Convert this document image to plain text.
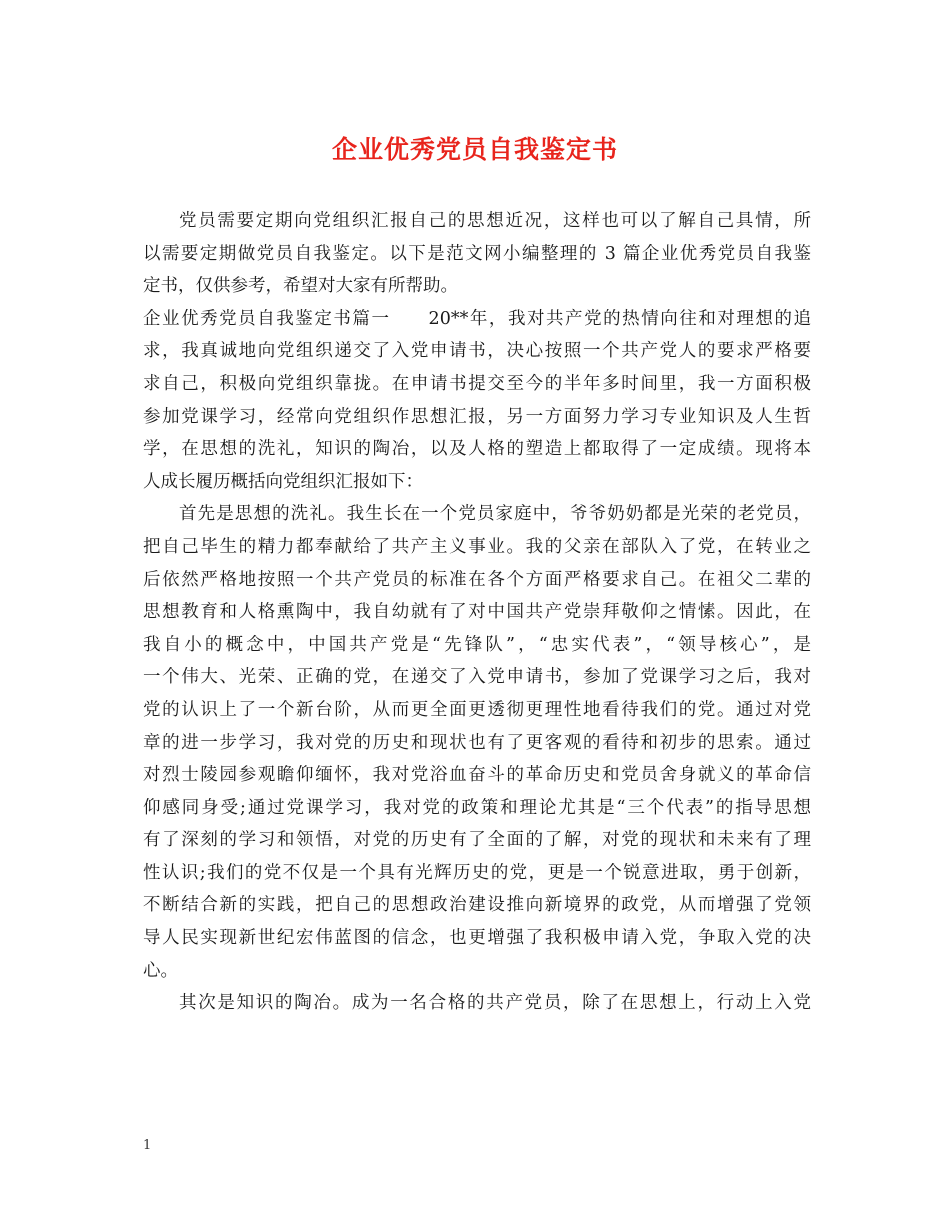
企业优秀党员自我鉴定书
党员需要定期向党组织汇报自己的思想近况，这样也可以了解自己具情，所
以需要定期做党员自我鉴定。以下是范文网小编整理的 3 篇企业优秀党员自我鉴
定书，仅供参考，希望对大家有所帮助。
企业优秀党员自我鉴定书篇一　　20**年，我对共产党的热情向往和对理想的追
求，我真诚地向党组织递交了入党申请书，决心按照一个共产党人的要求严格要
求自己，积极向党组织靠拢。在申请书提交至今的半年多时间里，我一方面积极
参加党课学习，经常向党组织作思想汇报，另一方面努力学习专业知识及人生哲
学，在思想的洗礼，知识的陶冶，以及人格的塑造上都取得了一定成绩。现将本
人成长履历概括向党组织汇报如下：
首先是思想的洗礼。我生长在一个党员家庭中，爷爷奶奶都是光荣的老党员，
把自己毕生的精力都奉献给了共产主义事业。我的父亲在部队入了党，在转业之
后依然严格地按照一个共产党员的标准在各个方面严格要求自己。在祖父二辈的
思想教育和人格熏陶中，我自幼就有了对中国共产党崇拜敬仰之情愫。因此，在
我自小的概念中，中国共产党是“先锋队”，“忠实代表”，“领导核心”，是
一个伟大、光荣、正确的党，在递交了入党申请书，参加了党课学习之后，我对
党的认识上了一个新台阶，从而更全面更透彻更理性地看待我们的党。通过对党
章的进一步学习，我对党的历史和现状也有了更客观的看待和初步的思索。通过
对烈士陵园参观瞻仰缅怀，我对党浴血奋斗的革命历史和党员舍身就义的革命信
仰感同身受;通过党课学习，我对党的政策和理论尤其是“三个代表”的指导思想
有了深刻的学习和领悟，对党的历史有了全面的了解，对党的现状和未来有了理
性认识;我们的党不仅是一个具有光辉历史的党，更是一个锐意进取，勇于创新，
不断结合新的实践，把自己的思想政治建设推向新境界的政党，从而增强了党领
导人民实现新世纪宏伟蓝图的信念，也更增强了我积极申请入党，争取入党的决
心。
其次是知识的陶冶。成为一名合格的共产党员，除了在思想上，行动上入党
1
